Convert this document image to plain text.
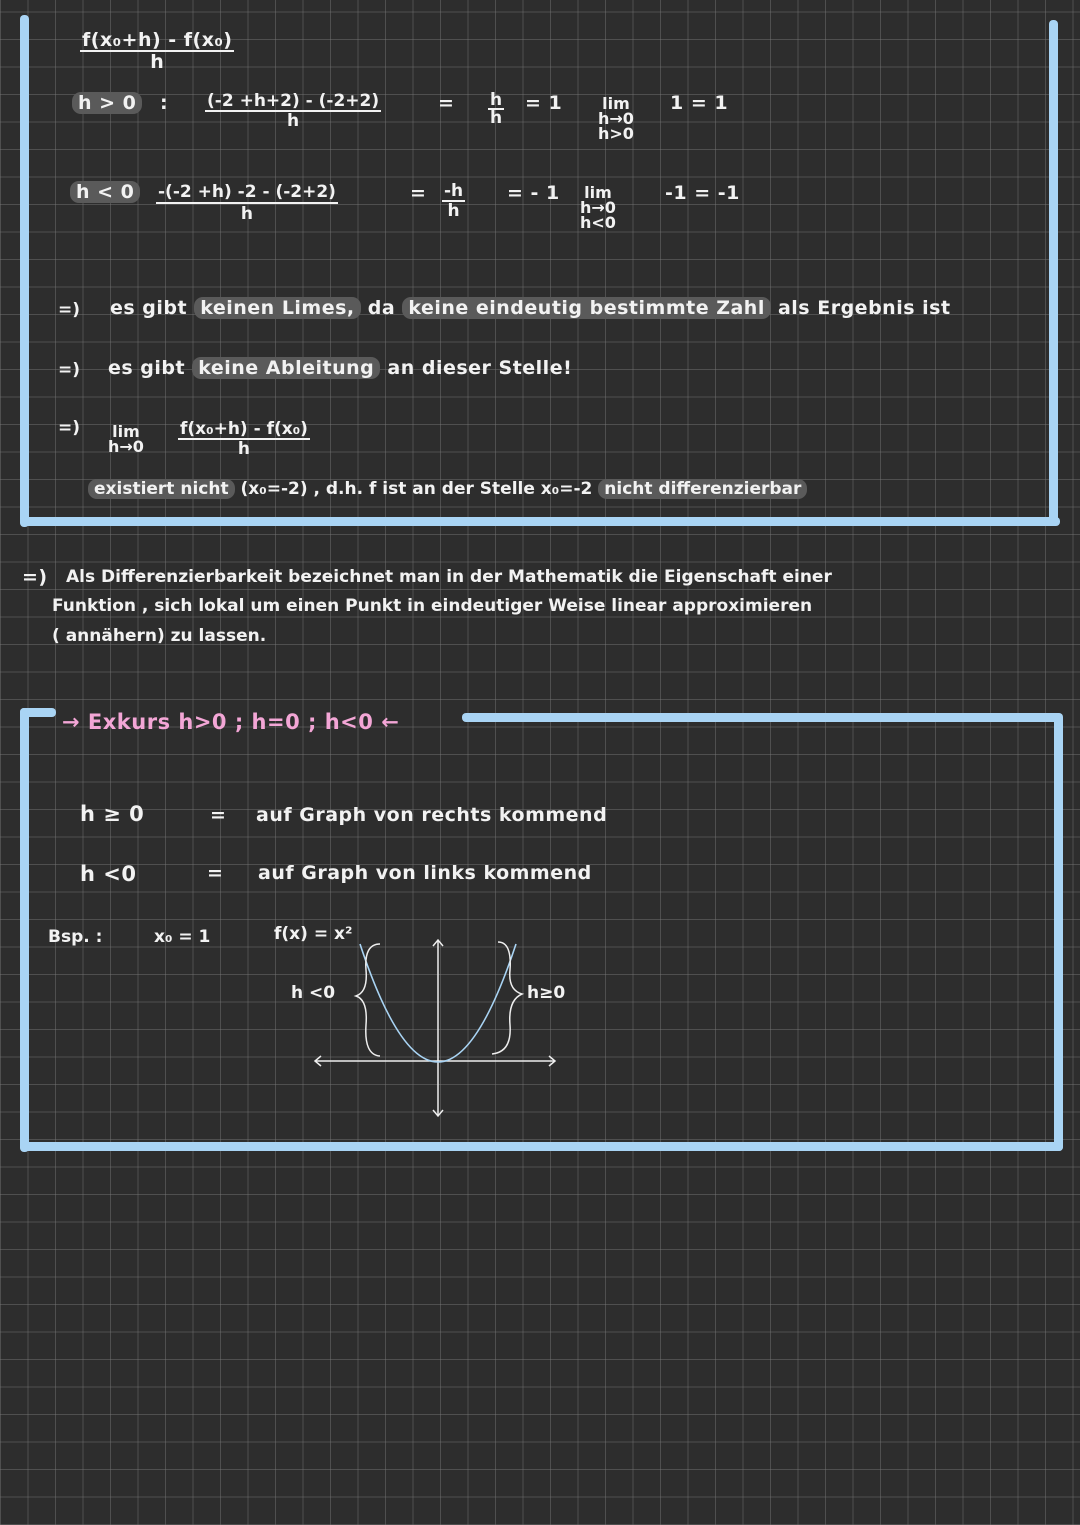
$\frac{\text{f(x₀+h) - f(x₀)}}{h}$
h > 0	: $\frac{(-2 +h+2) - (-2+2)}{h}$	= $\frac{h}{h} = 1$ lim
h→0
h>0
1 = 1
h < 0	$\frac{-(-2 +h) -2 - (-2+2)}{h}$	= $\frac{-h}{h}$ = - 1 lim
h→0
h<0
-1 = -1
=) es gibt keinen Limes, da keine eindeutig bestimmte Zahl als Ergebnis ist
=) es gibt keine Ableitung an dieser Stelle!
=) lim
$h\to 0 \frac{\text{f(x₀+h) - f(x₀)}}{h}$
existiert nicht (x₀=-2) , d.h. f ist an der Stelle x₀=-2 nicht differenzierbar
=) Als Differenzierbarkeit bezeichnet man in der Mathematik die Eigenschaft einer
Funktion , sich lokal um einen Punkt in eindeutiger Weise linear approximieren
( annähern) zu lassen.
→ Exkurs h>0 ; h=0 ; h<0 ←
h ≥ 0	= auf Graph von rechts kommend
h <0	= auf Graph von links kommend
Bsp. :	x₀ = 1	f(x) = x²
h <0	h≥0
